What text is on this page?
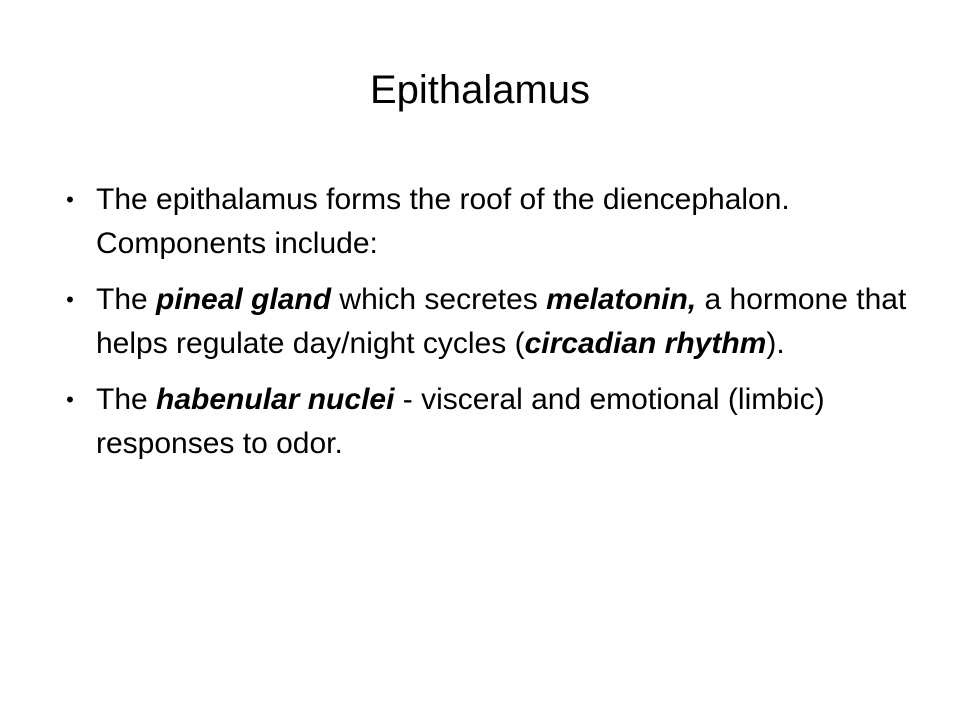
Epithalamus
• The epithalamus forms the roof of the diencephalon. Components include:
• The pineal gland which secretes melatonin, a hormone that helps regulate day/night cycles (circadian rhythm).
• The habenular nuclei - visceral and emotional (limbic) responses to odor.
